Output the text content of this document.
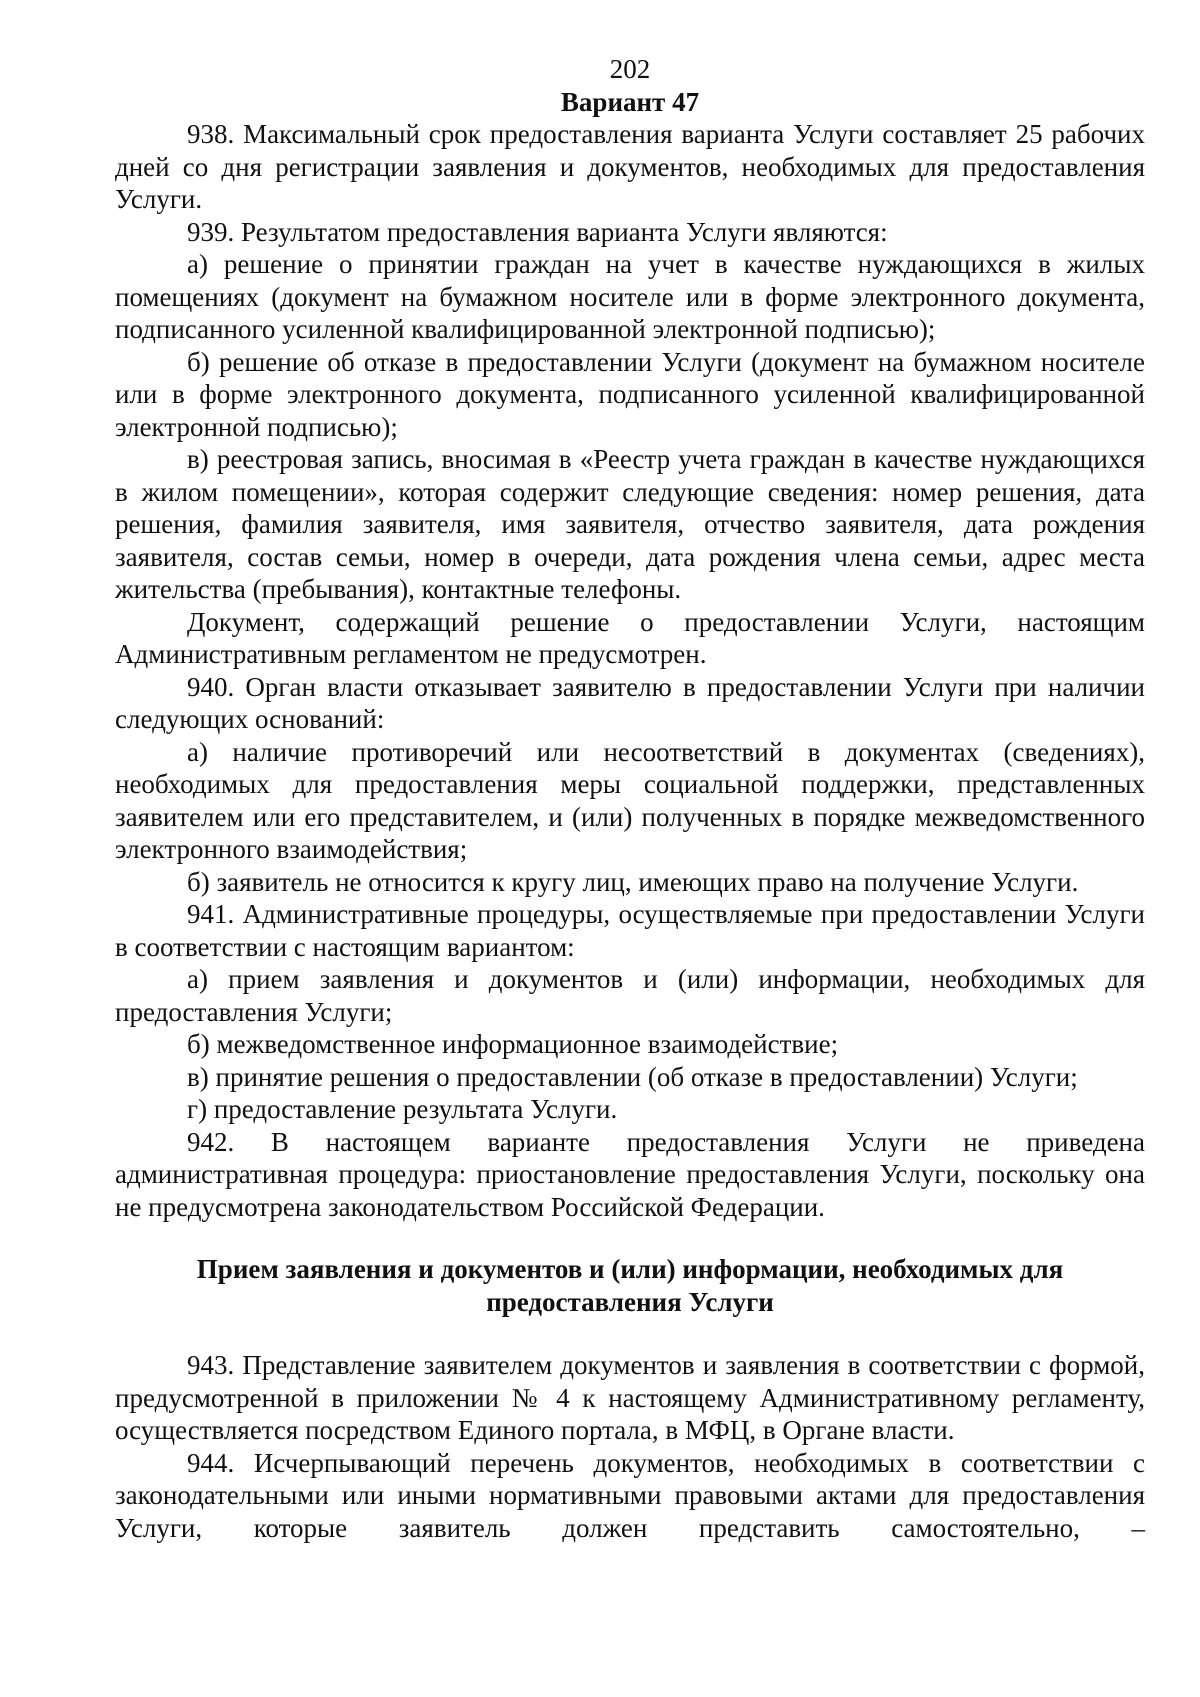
202

Вариант 47

938. Максимальный срок предоставления варианта Услуги составляет 25 рабочих дней со дня регистрации заявления и документов, необходимых для предоставления Услуги.

939. Результатом предоставления варианта Услуги являются:

а) решение о принятии граждан на учет в качестве нуждающихся в жилых помещениях (документ на бумажном носителе или в форме электронного документа, подписанного усиленной квалифицированной электронной подписью);

б) решение об отказе в предоставлении Услуги (документ на бумажном носителе или в форме электронного документа, подписанного усиленной квалифицированной электронной подписью);

в) реестровая запись, вносимая в «Реестр учета граждан в качестве нуждающихся в жилом помещении», которая содержит следующие сведения: номер решения, дата решения, фамилия заявителя, имя заявителя, отчество заявителя, дата рождения заявителя, состав семьи, номер в очереди, дата рождения члена семьи, адрес места жительства (пребывания), контактные телефоны.

Документ, содержащий решение о предоставлении Услуги, настоящим Административным регламентом не предусмотрен.

940. Орган власти отказывает заявителю в предоставлении Услуги при наличии следующих оснований:

а) наличие противоречий или несоответствий в документах (сведениях), необходимых для предоставления меры социальной поддержки, представленных заявителем или его представителем, и (или) полученных в порядке межведомственного электронного взаимодействия;

б) заявитель не относится к кругу лиц, имеющих право на получение Услуги.

941. Административные процедуры, осуществляемые при предоставлении Услуги в соответствии с настоящим вариантом:

а) прием заявления и документов и (или) информации, необходимых для предоставления Услуги;

б) межведомственное информационное взаимодействие;

в) принятие решения о предоставлении (об отказе в предоставлении) Услуги;

г) предоставление результата Услуги.

942. В настоящем варианте предоставления Услуги не приведена административная процедура: приостановление предоставления Услуги, поскольку она не предусмотрена законодательством Российской Федерации.

Прием заявления и документов и (или) информации, необходимых для предоставления Услуги

943. Представление заявителем документов и заявления в соответствии с формой, предусмотренной в приложении № 4 к настоящему Административному регламенту, осуществляется посредством Единого портала, в МФЦ, в Органе власти.

944. Исчерпывающий перечень документов, необходимых в соответствии с законодательными или иными нормативными правовыми актами для предоставления Услуги, которые заявитель должен представить самостоятельно, –
